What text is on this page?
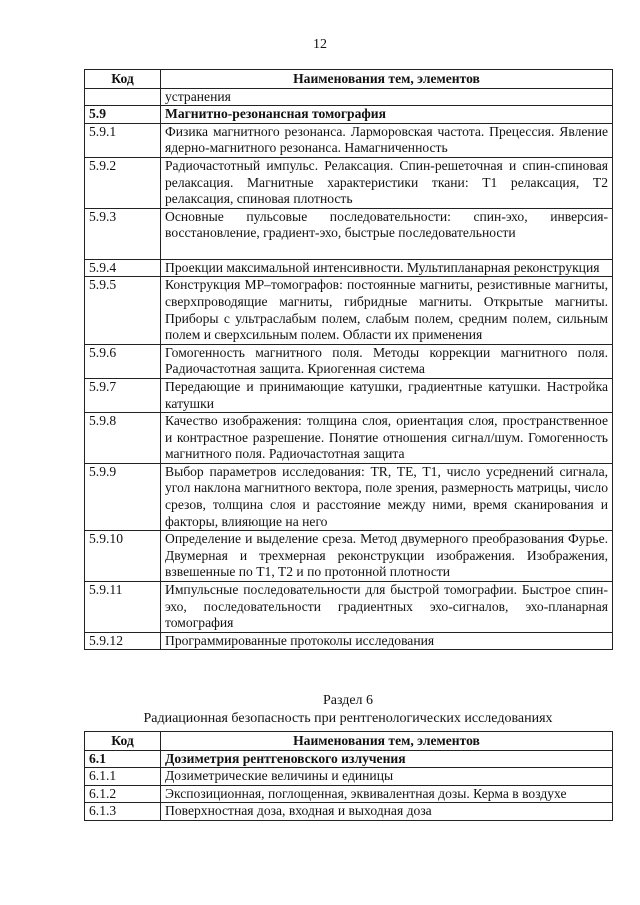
12
Код	Наименования тем, элементов
	устранения
5.9	Магнитно-резонансная томография
5.9.1	Физика магнитного резонанса. Ларморовская частота. Прецессия. Явление ядерно-магнитного резонанса. Намагниченность
5.9.2	Радиочастотный импульс. Релаксация. Спин-решеточная и спин-спиновая релаксация. Магнитные характеристики ткани: T1 релаксация, T2 релаксация, спиновая плотность
5.9.3	Основные пульсовые последовательности: спин-эхо, инверсия-восстановление, градиент-эхо, быстрые последовательности
5.9.4	Проекции максимальной интенсивности. Мультипланарная реконструкция
5.9.5	Конструкция МР–томографов: постоянные магниты, резистивные магниты, сверхпроводящие магниты, гибридные магниты. Открытые магниты. Приборы с ультраслабым полем, слабым полем, средним полем, сильным полем и сверхсильным полем. Области их применения
5.9.6	Гомогенность магнитного поля. Методы коррекции магнитного поля. Радиочастотная защита. Криогенная система
5.9.7	Передающие и принимающие катушки, градиентные катушки. Настройка катушки
5.9.8	Качество изображения: толщина слоя, ориентация слоя, пространственное и контрастное разрешение. Понятие отношения сигнал/шум. Гомогенность магнитного поля. Радиочастотная защита
5.9.9	Выбор параметров исследования: TR, TE, T1, число усреднений сигнала, угол наклона магнитного вектора, поле зрения, размерность матрицы, число срезов, толщина слоя и расстояние между ними, время сканирования и факторы, влияющие на него
5.9.10	Определение и выделение среза. Метод двумерного преобразования Фурье. Двумерная и трехмерная реконструкции изображения. Изображения, взвешенные по T1, T2 и по протонной плотности
5.9.11	Импульсные последовательности для быстрой томографии. Быстрое спин-эхо, последовательности градиентных эхо-сигналов, эхо-планарная томография
5.9.12	Программированные протоколы исследования
Раздел 6
Радиационная безопасность при рентгенологических исследованиях
Код	Наименования тем, элементов
6.1	Дозиметрия рентгеновского излучения
6.1.1	Дозиметрические величины и единицы
6.1.2	Экспозиционная, поглощенная, эквивалентная дозы. Керма в воздухе
6.1.3	Поверхностная доза, входная и выходная доза
